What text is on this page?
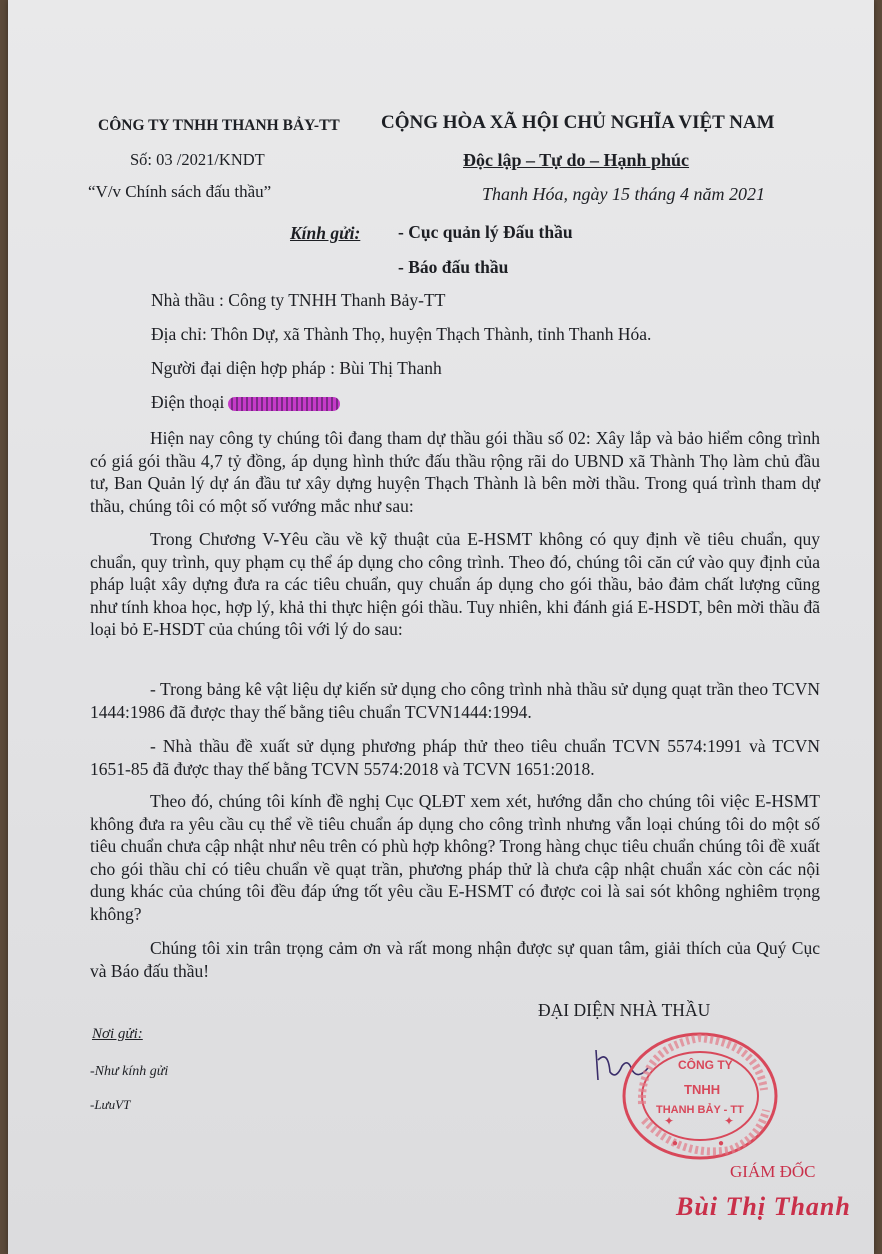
CÔNG TY TNHH THANH BẢY-TT CỘNG HÒA XÃ HỘI CHỦ NGHĨA VIỆT NAM
Số: 03 /2021/KNDT	Độc lập – Tự do – Hạnh phúc
“V/v Chính sách đấu thầu”	Thanh Hóa, ngày 15 tháng 4 năm 2021
Kính gửi: - Cục quản lý Đấu thầu
- Báo đấu thầu
Nhà thầu : Công ty TNHH Thanh Bảy-TT
Địa chỉ: Thôn Dự, xã Thành Thọ, huyện Thạch Thành, tỉnh Thanh Hóa.
Người đại diện hợp pháp : Bùi Thị Thanh
Điện thoại
Hiện nay công ty chúng tôi đang tham dự thầu gói thầu số 02: Xây lắp và bảo hiểm công trình có giá gói thầu 4,7 tỷ đồng, áp dụng hình thức đấu thầu rộng rãi do UBND xã Thành Thọ làm chủ đầu tư, Ban Quản lý dự án đầu tư xây dựng huyện Thạch Thành là bên mời thầu. Trong quá trình tham dự thầu, chúng tôi có một số vướng mắc như sau:
Trong Chương V-Yêu cầu về kỹ thuật của E-HSMT không có quy định về tiêu chuẩn, quy chuẩn, quy trình, quy phạm cụ thể áp dụng cho công trình. Theo đó, chúng tôi căn cứ vào quy định của pháp luật xây dựng đưa ra các tiêu chuẩn, quy chuẩn áp dụng cho gói thầu, bảo đảm chất lượng cũng như tính khoa học, hợp lý, khả thi thực hiện gói thầu. Tuy nhiên, khi đánh giá E-HSDT, bên mời thầu đã loại bỏ E-HSDT của chúng tôi với lý do sau:
- Trong bảng kê vật liệu dự kiến sử dụng cho công trình nhà thầu sử dụng quạt trần theo TCVN 1444:1986 đã được thay thế bằng tiêu chuẩn TCVN1444:1994.
- Nhà thầu đề xuất sử dụng phương pháp thử theo tiêu chuẩn TCVN 5574:1991 và TCVN 1651-85 đã được thay thế bằng TCVN 5574:2018 và TCVN 1651:2018.
Theo đó, chúng tôi kính đề nghị Cục QLĐT xem xét, hướng dẫn cho chúng tôi việc E-HSMT không đưa ra yêu cầu cụ thể về tiêu chuẩn áp dụng cho công trình nhưng vẫn loại chúng tôi do một số tiêu chuẩn chưa cập nhật như nêu trên có phù hợp không? Trong hàng chục tiêu chuẩn chúng tôi đề xuất cho gói thầu chỉ có tiêu chuẩn về quạt trần, phương pháp thử là chưa cập nhật chuẩn xác còn các nội dung khác của chúng tôi đều đáp ứng tốt yêu cầu E-HSMT có được coi là sai sót không nghiêm trọng không?
Chúng tôi xin trân trọng cảm ơn và rất mong nhận được sự quan tâm, giải thích của Quý Cục và Báo đấu thầu!
Nơi gửi:
-Như kính gửi
-LưuVT
ĐẠI DIỆN NHÀ THẦU
✦	✦
●	●
CÔNG TY
TNHH
THANH BẢY - TT
GIÁM ĐỐC
Bùi Thị Thanh
